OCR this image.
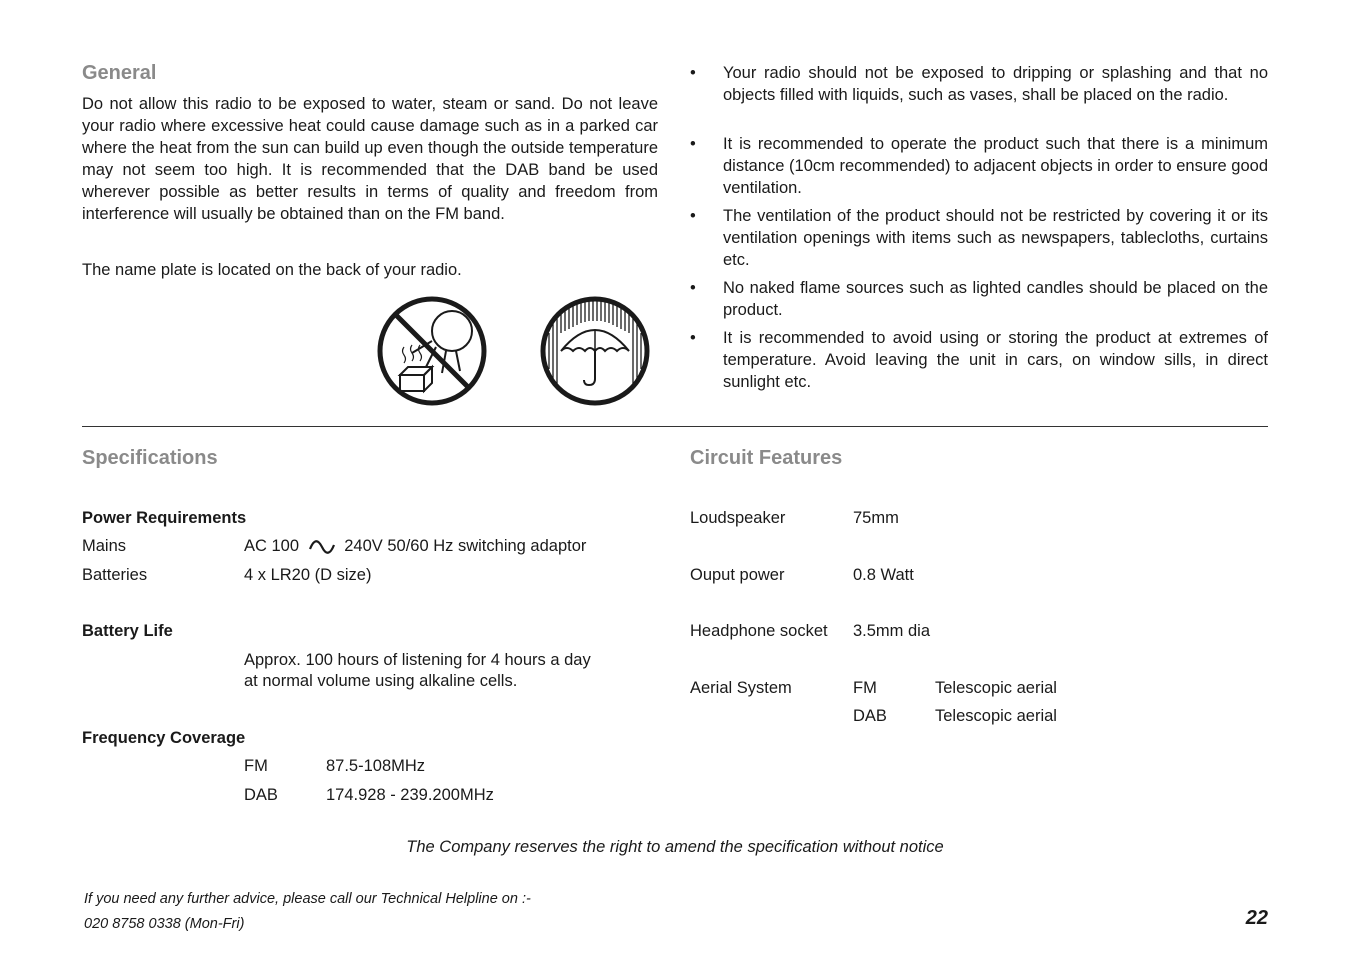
General
Do not allow this radio to be exposed to water, steam or sand. Do not leave your radio where excessive heat could cause damage such as in a parked car where the heat from the sun can build up even though the outside temperature may not seem too high. It is recommended that the DAB band be used wherever possible as better results in terms of quality and freedom from interference will usually be obtained than on the FM band.
The name plate is located on the back of your radio.
• Your radio should not be exposed to dripping or splashing and that no objects filled with liquids, such as vases, shall be placed on the radio.
• It is recommended to operate the product such that there is a minimum distance (10cm recommended) to adjacent objects in order to ensure good ventilation.
• The ventilation of the product should not be restricted by covering it or its ventilation openings with items such as newspapers, tablecloths, curtains etc.
• No naked flame sources such as lighted candles should be placed on the product.
• It is recommended to avoid using or storing the product at extremes of temperature. Avoid leaving the unit in cars, on window sills, in direct sunlight etc.
Specifications
Power Requirements
Mains	AC 100	240V 50/60 Hz switching adaptor
Batteries	4 x LR20 (D size)
Battery Life
Approx. 100 hours of listening for 4 hours a day
at normal volume using alkaline cells.
Frequency Coverage
FM	87.5-108MHz
DAB	174.928 - 239.200MHz
Circuit Features
Loudspeaker	75mm
Ouput power	0.8 Watt
Headphone socket 3.5mm dia
Aerial System	FM	Telescopic aerial
DAB	Telescopic aerial
The Company reserves the right to amend the specification without notice
If you need any further advice, please call our Technical Helpline on :-
020 8758 0338 (Mon-Fri)	22
